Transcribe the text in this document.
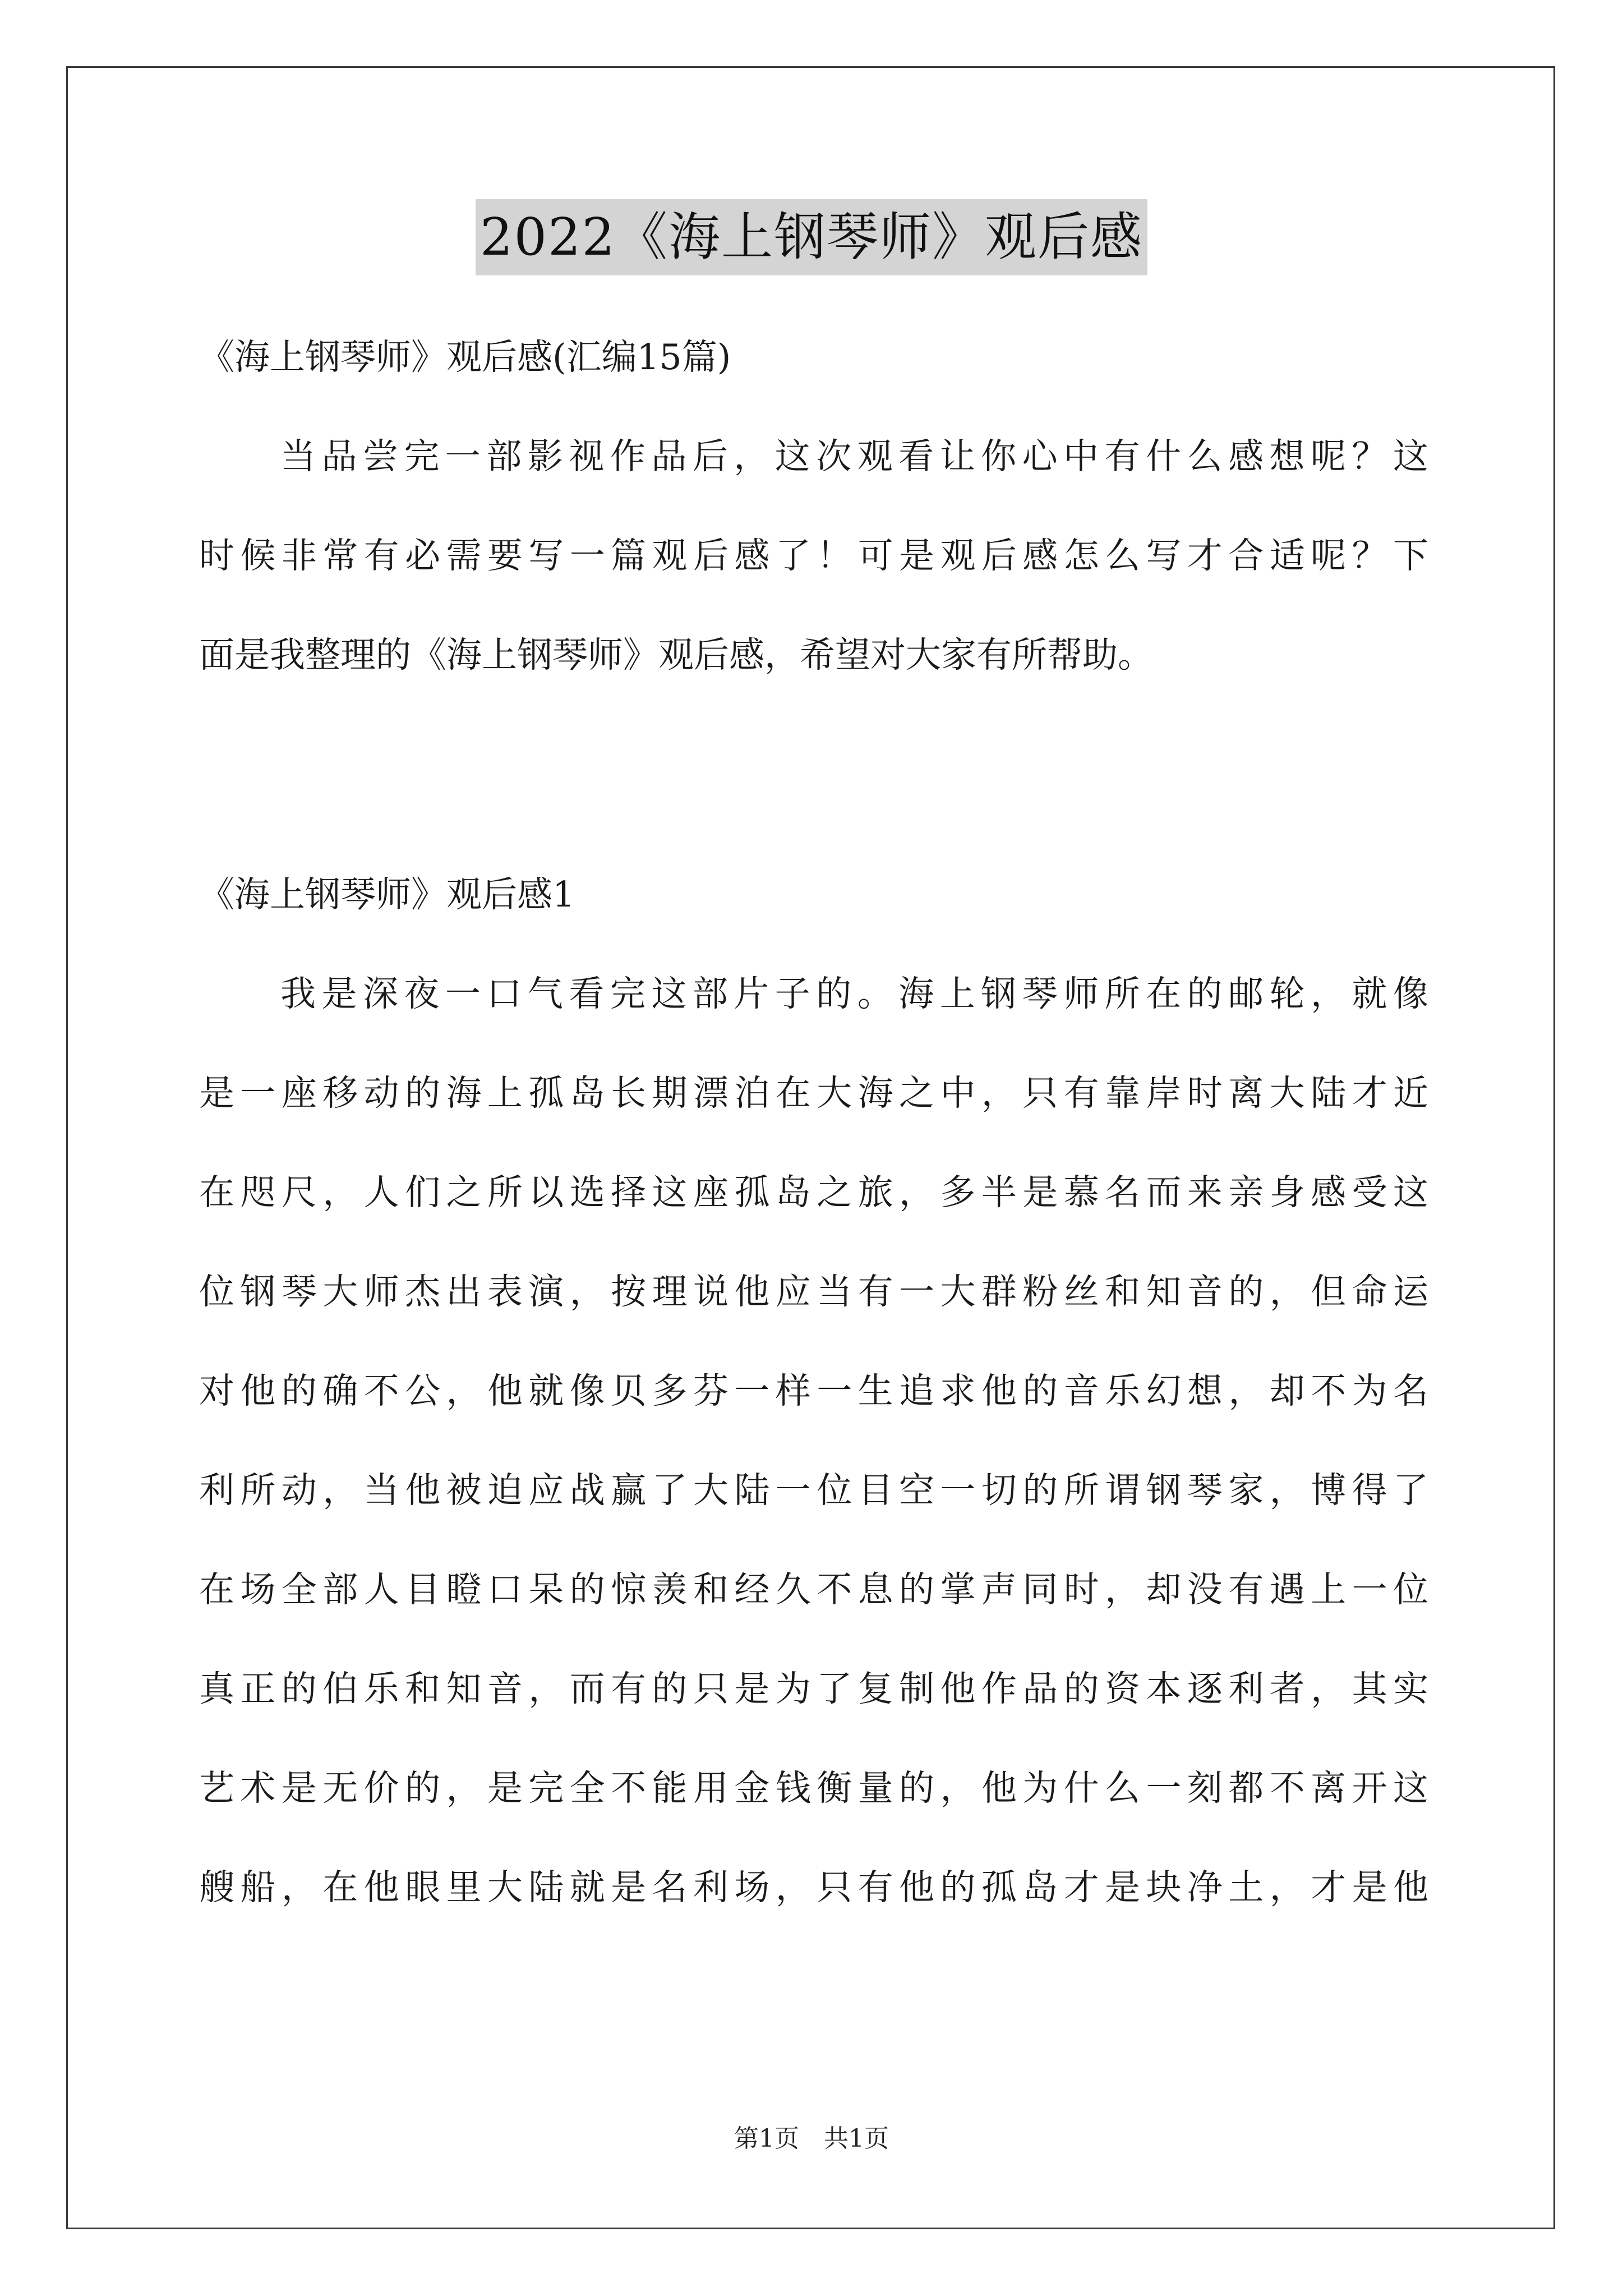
2022《海上钢琴师》观后感
《海上钢琴师》观后感(汇编15篇)
当品尝完一部影视作品后，这次观看让你心中有什么感想呢？这
时候非常有必需要写一篇观后感了！可是观后感怎么写才合适呢？下
面是我整理的《海上钢琴师》观后感，希望对大家有所帮助。
《海上钢琴师》观后感1
我是深夜一口气看完这部片子的。海上钢琴师所在的邮轮，就像
是一座移动的海上孤岛长期漂泊在大海之中，只有靠岸时离大陆才近
在咫尺，人们之所以选择这座孤岛之旅，多半是慕名而来亲身感受这
位钢琴大师杰出表演，按理说他应当有一大群粉丝和知音的，但命运
对他的确不公，他就像贝多芬一样一生追求他的音乐幻想，却不为名
利所动，当他被迫应战赢了大陆一位目空一切的所谓钢琴家，博得了
在场全部人目瞪口呆的惊羡和经久不息的掌声同时，却没有遇上一位
真正的伯乐和知音，而有的只是为了复制他作品的资本逐利者，其实
艺术是无价的，是完全不能用金钱衡量的，他为什么一刻都不离开这
艘船，在他眼里大陆就是名利场，只有他的孤岛才是块净土，才是他
第1页 共1页
